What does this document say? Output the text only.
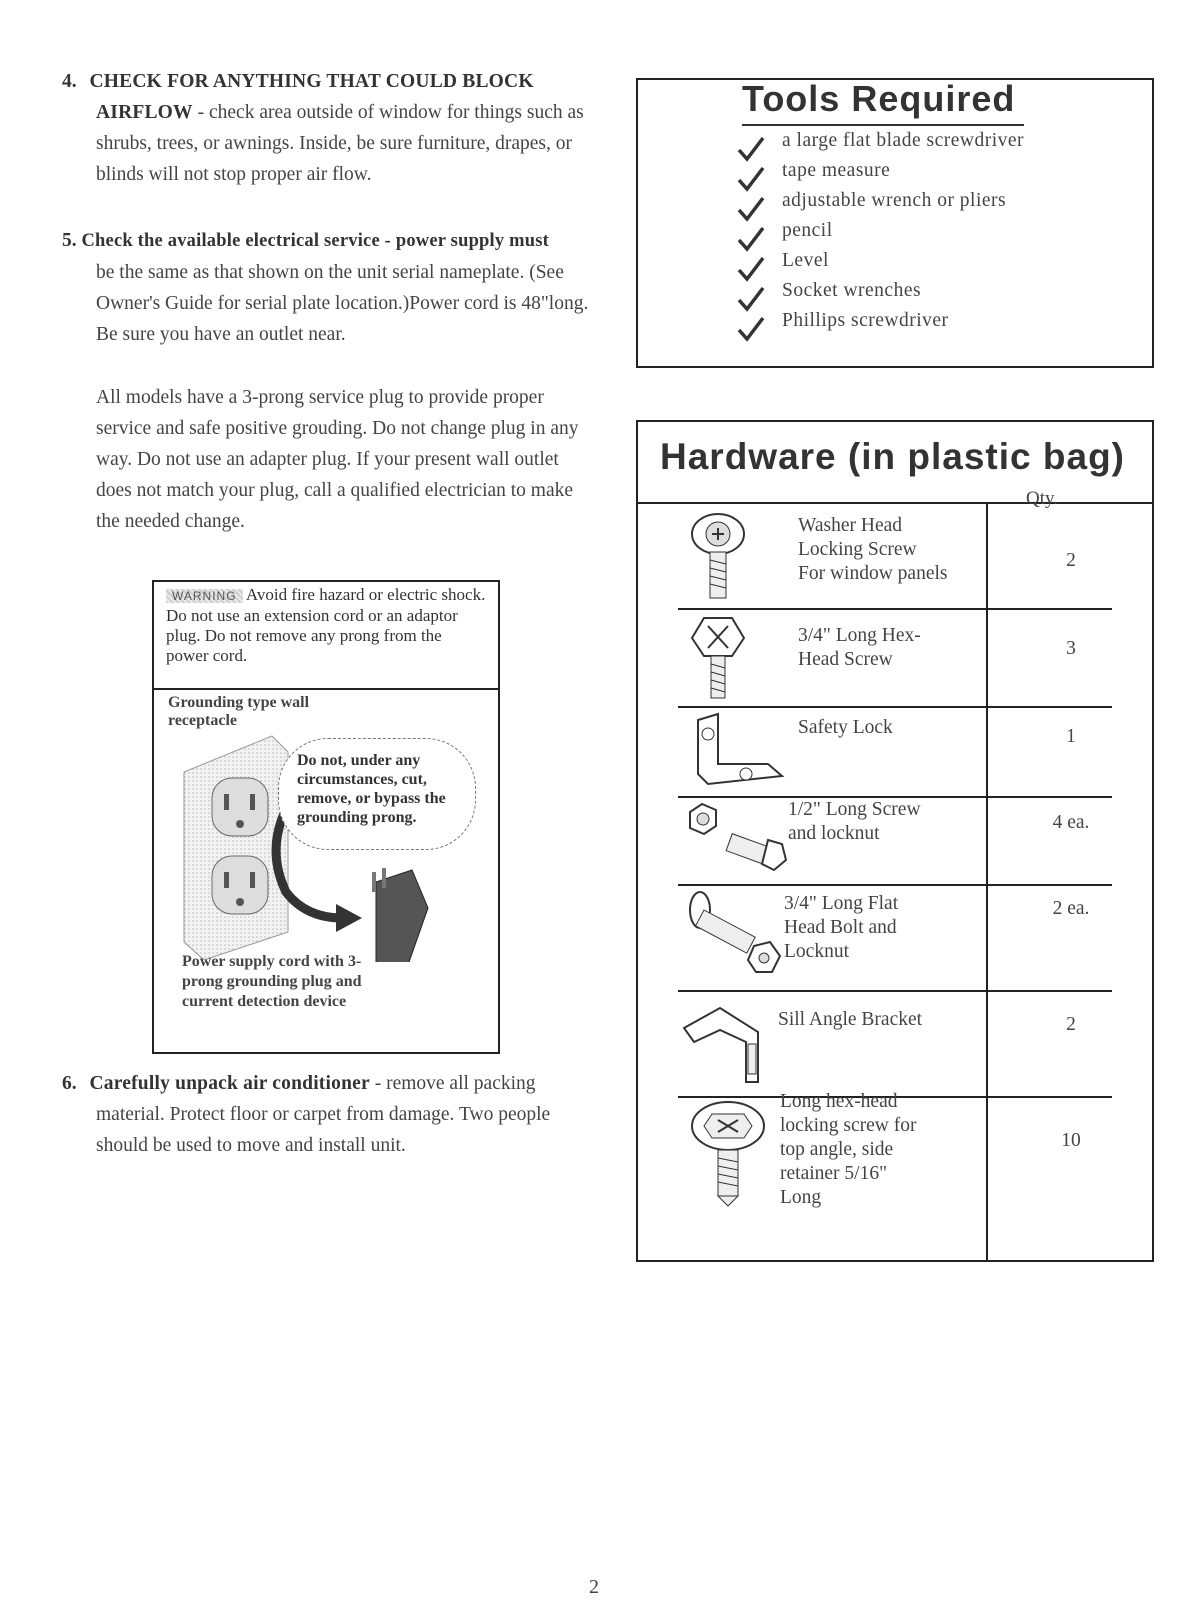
4. CHECK FOR ANYTHING THAT COULD BLOCK
AIRFLOW - check area outside of window for things such as shrubs, trees, or awnings. Inside, be sure furniture, drapes, or blinds will not stop proper air flow.
5. Check the available electrical service - power supply must
be the same as that shown on the unit serial nameplate. (See Owner's Guide for serial plate location.)Power cord is 48"long. Be sure you have an outlet near.
All models have a 3-prong service plug to provide proper service and safe positive grouding. Do not change plug in any way. Do not use an adapter plug. If your present wall outlet does not match your plug, call a qualified electrician to make the needed change.
WARNING Avoid fire hazard or electric shock. Do not use an extension cord or an adaptor plug. Do not remove any prong from the power cord.
Grounding type wall receptacle
Do not, under any circumstances, cut, remove, or bypass the grounding prong.
Power supply cord with 3-prong grounding plug and current detection device
6. Carefully unpack air conditioner - remove all packing
material. Protect floor or carpet from damage. Two people should be used to move and install unit.
Tools Required
a large flat blade screwdriver
tape measure
adjustable wrench or pliers
pencil
Level
Socket wrenches
Phillips screwdriver
Hardware (in plastic bag)
Qty.
Washer Head
Locking Screw
For window panels
2
3/4" Long Hex-
Head Screw
3
Safety Lock	1
1/2" Long Screw
and locknut
4 ea.
3/4" Long Flat
Head Bolt and
Locknut
2 ea.
Sill Angle Bracket	2
Long hex-head
locking screw for
top angle, side
retainer 5/16"
Long
10
2
